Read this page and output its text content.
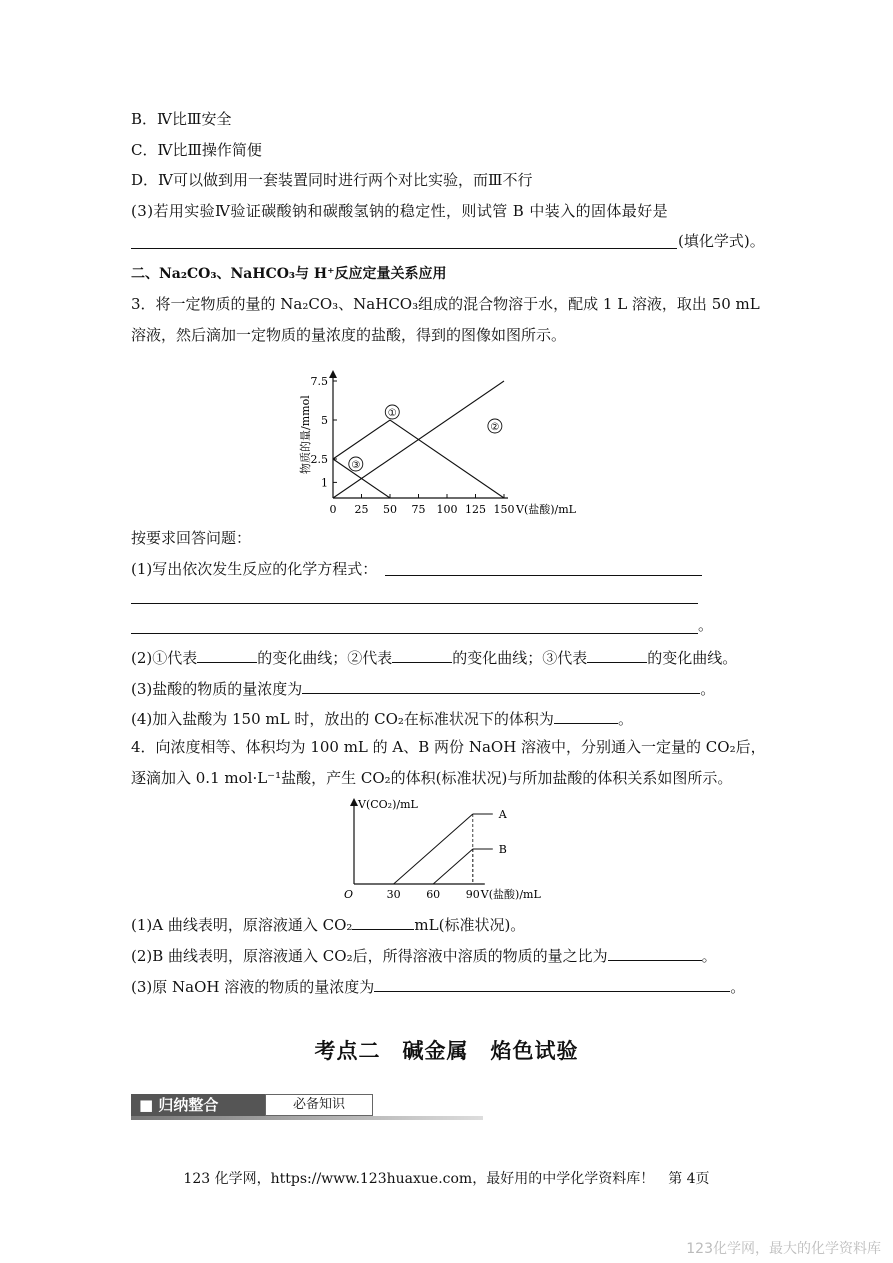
B．Ⅳ比Ⅲ安全
C．Ⅳ比Ⅲ操作简便
D．Ⅳ可以做到用一套装置同时进行两个对比实验，而Ⅲ不行
(3)若用实验Ⅳ验证碳酸钠和碳酸氢钠的稳定性，则试管 B 中装入的固体最好是
(填化学式)。
二、Na₂CO₃、NaHCO₃与 H⁺反应定量关系应用
3．将一定物质的量的 Na₂CO₃、NaHCO₃组成的混合物溶于水，配成 1 L 溶液，取出 50 mL
溶液，然后滴加一定物质的量浓度的盐酸，得到的图像如图所示。
1
2.5
5
7.5
0 25 50 75 100 125 150 V(盐酸)/mL
物质的量/mmol	①
②
③
按要求回答问题：
(1)写出依次发生反应的化学方程式：
。
(2)①代表	的变化曲线；②代表	的变化曲线；③代表	的变化曲线。
(3)盐酸的物质的量浓度为	。
(4)加入盐酸为 150 mL 时，放出的 CO₂在标准状况下的体积为	。
4．向浓度相等、体积均为 100 mL 的 A、B 两份 NaOH 溶液中，分别通入一定量的 CO₂后，
逐滴加入 0.1 mol·L⁻¹盐酸，产生 CO₂的体积(标准状况)与所加盐酸的体积关系如图所示。
V(CO₂)/mL
O	30 60 90 V(盐酸)/mL
A
B
(1)A 曲线表明，原溶液通入 CO₂	mL(标准状况)。
(2)B 曲线表明，原溶液通入 CO₂后，所得溶液中溶质的物质的量之比为	。
(3)原 NaOH 溶液的物质的量浓度为	。
考点二　碱金属　焰色试验
■ 归纳整合	必备知识
123 化学网，https://www.123huaxue.com，最好用的中学化学资料库！　第 4页
123化学网，最大的化学资料库
